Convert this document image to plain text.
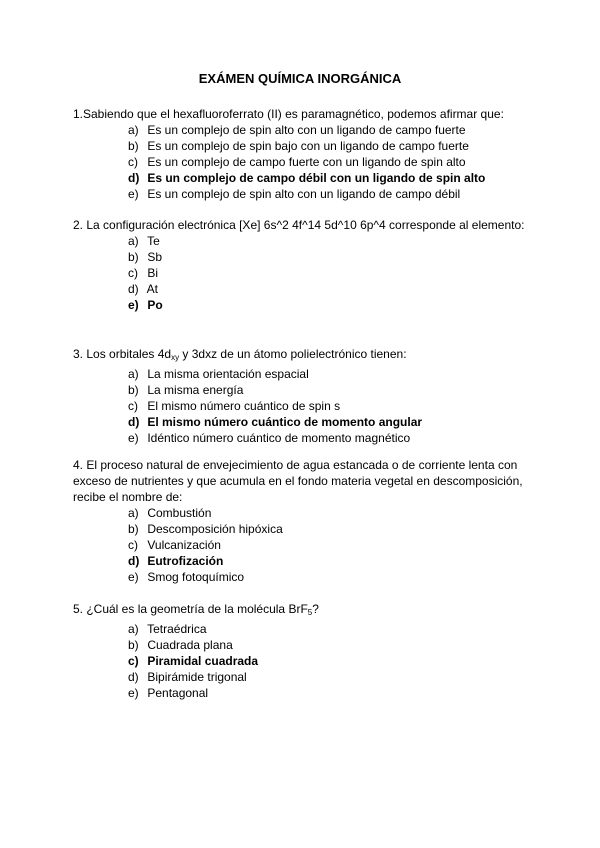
EXÁMEN QUÍMICA INORGÁNICA

1.Sabiendo que el hexafluoroferrato (II) es paramagnético, podemos afirmar que:

a) Es un complejo de spin alto con un ligando de campo fuerte
b) Es un complejo de spin bajo con un ligando de campo fuerte
c) Es un complejo de campo fuerte con un ligando de spin alto
d) Es un complejo de campo débil con un ligando de spin alto
e) Es un complejo de spin alto con un ligando de campo débil

2. La configuración electrónica [Xe] 6s^2 4f^14 5d^10 6p^4 corresponde al elemento:

a) Te
b) Sb
c) Bi
d) At
e) Po

3. Los orbitales $4d_{xy}$ y 3dxz de un átomo polielectrónico tienen:

a) La misma orientación espacial
b) La misma energía
c) El mismo número cuántico de spin s
d) El mismo número cuántico de momento angular
e) Idéntico número cuántico de momento magnético

4. El proceso natural de envejecimiento de agua estancada o de corriente lenta con exceso de nutrientes y que acumula en el fondo materia vegetal en descomposición, recibe el nombre de:

a) Combustión
b) Descomposición hipóxica
c) Vulcanización
d) Eutrofización
e) Smog fotoquímico

5. ¿Cuál es la geometría de la molécula BrF$_5$?

a) Tetraédrica
b) Cuadrada plana
c) Piramidal cuadrada
d) Bipirámide trigonal
e) Pentagonal
